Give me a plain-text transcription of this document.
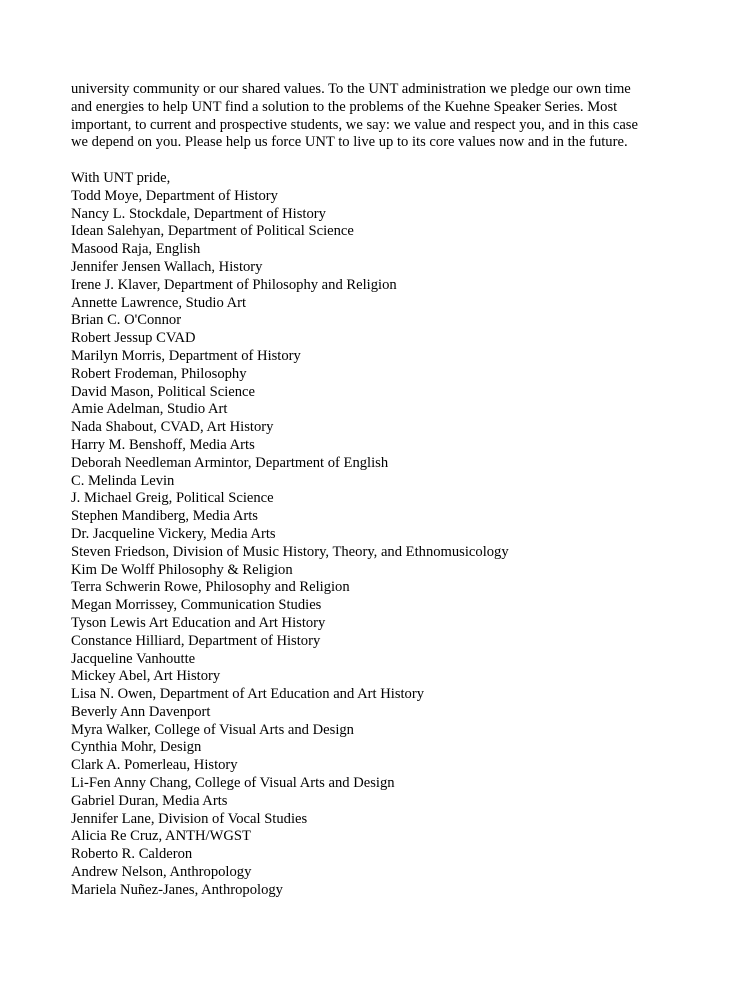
university community or our shared values. To the UNT administration we pledge our own time
and energies to help UNT find a solution to the problems of the Kuehne Speaker Series. Most
important, to current and prospective students, we say: we value and respect you, and in this case
we depend on you. Please help us force UNT to live up to its core values now and in the future.
With UNT pride,
Todd Moye, Department of History
Nancy L. Stockdale, Department of History
Idean Salehyan, Department of Political Science
Masood Raja, English
Jennifer Jensen Wallach, History
Irene J. Klaver, Department of Philosophy and Religion
Annette Lawrence, Studio Art
Brian C. O'Connor
Robert Jessup CVAD
Marilyn Morris, Department of History
Robert Frodeman, Philosophy
David Mason, Political Science
Amie Adelman, Studio Art
Nada Shabout, CVAD, Art History
Harry M. Benshoff, Media Arts
Deborah Needleman Armintor, Department of English
C. Melinda Levin
J. Michael Greig, Political Science
Stephen Mandiberg, Media Arts
Dr. Jacqueline Vickery, Media Arts
Steven Friedson, Division of Music History, Theory, and Ethnomusicology
Kim De Wolff Philosophy & Religion
Terra Schwerin Rowe, Philosophy and Religion
Megan Morrissey, Communication Studies
Tyson Lewis Art Education and Art History
Constance Hilliard, Department of History
Jacqueline Vanhoutte
Mickey Abel, Art History
Lisa N. Owen, Department of Art Education and Art History
Beverly Ann Davenport
Myra Walker, College of Visual Arts and Design
Cynthia Mohr, Design
Clark A. Pomerleau, History
Li-Fen Anny Chang, College of Visual Arts and Design
Gabriel Duran, Media Arts
Jennifer Lane, Division of Vocal Studies
Alicia Re Cruz, ANTH/WGST
Roberto R. Calderon
Andrew Nelson, Anthropology
Mariela Nuñez-Janes, Anthropology
